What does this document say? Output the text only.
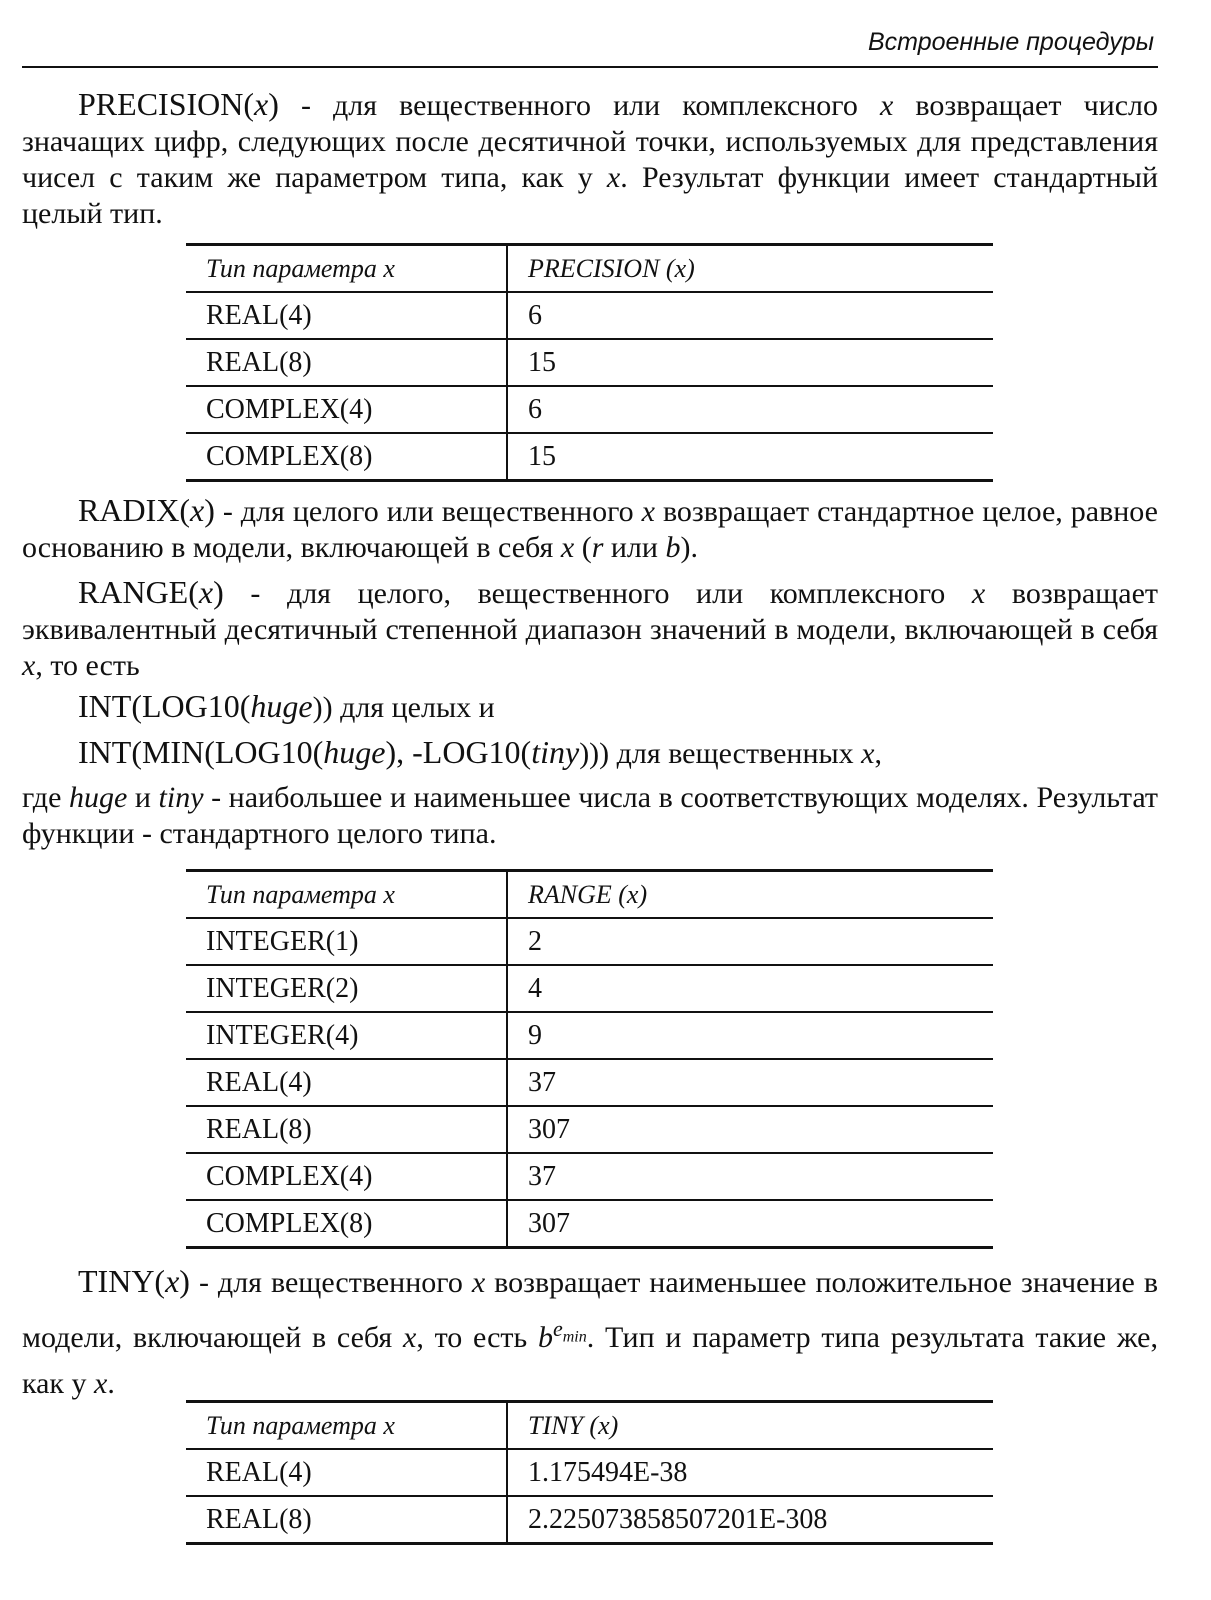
Встроенные процедуры

PRECISION(x) - для вещественного или комплексного x возвращает число значащих цифр, следующих после десятичной точки, используемых для представления чисел с таким же параметром типа, как у x. Результат функции имеет стандартный целый тип.

Тип параметра x	PRECISION (x)
REAL(4)	6
REAL(8)	15
COMPLEX(4)	6
COMPLEX(8)	15

RADIX(x) - для целого или вещественного x возвращает стандартное целое, равное основанию в модели, включающей в себя x (r или b).

RANGE(x) - для целого, вещественного или комплексного x возвращает эквивалентный десятичный степенной диапазон значений в модели, включающей в себя x, то есть

INT(LOG10(huge)) для целых и

INT(MIN(LOG10(huge), -LOG10(tiny))) для вещественных x,

где huge и tiny - наибольшее и наименьшее числа в соответствующих моделях. Результат функции - стандартного целого типа.

Тип параметра x	RANGE (x)
INTEGER(1)	2
INTEGER(2)	4
INTEGER(4)	9
REAL(4)	37
REAL(8)	307
COMPLEX(4)	37
COMPLEX(8)	307

TINY(x) - для вещественного x возвращает наименьшее положительное значение в модели, включающей в себя x, то есть $b^{e_{min}}$. Тип и параметр типа результата такие же, как у x.

Тип параметра x	TINY (x)
REAL(4)	1.175494E-38
REAL(8)	2.225073858507201E-308
